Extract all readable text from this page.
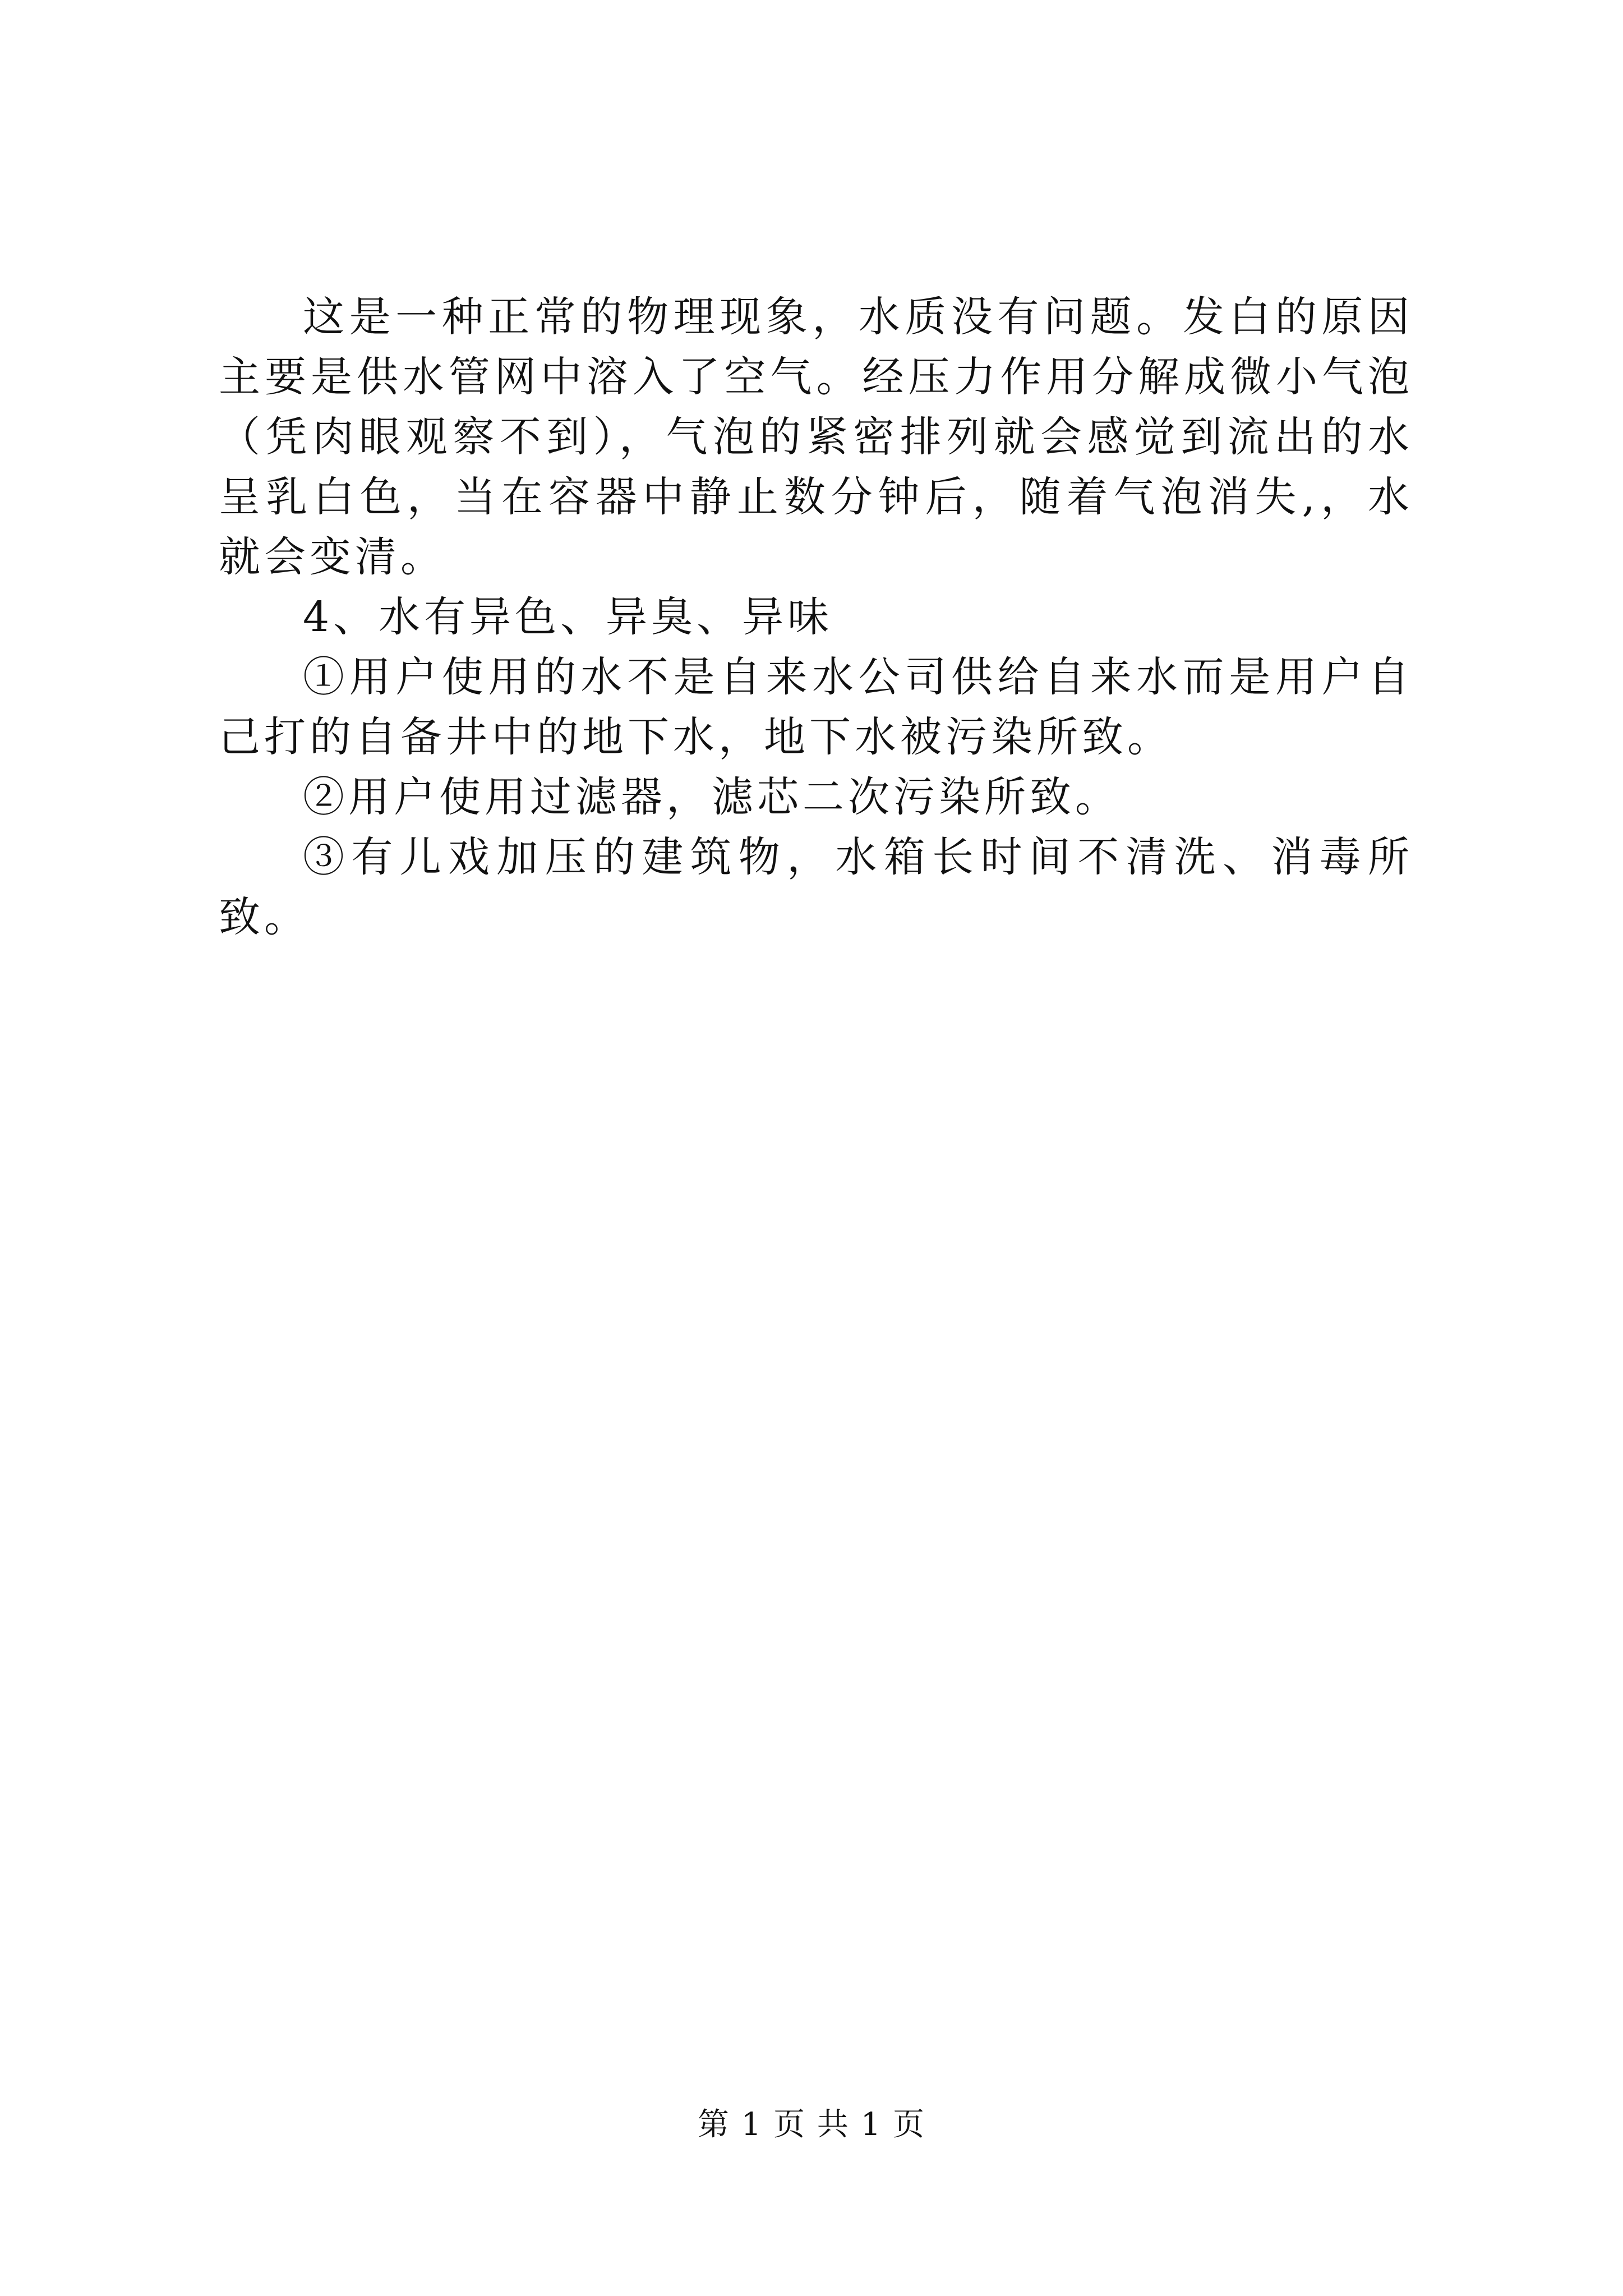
这是一种正常的物理现象，水质没有问题。发白的原因主要是供水管网中溶入了空气。经压力作用分解成微小气泡（凭肉眼观察不到），气泡的紧密排列就会感觉到流出的水呈乳白色，当在容器中静止数分钟后，随着气泡消失,，水就会变清。

4、水有异色、异臭、异味

①用户使用的水不是自来水公司供给自来水而是用户自己打的自备井中的地下水，地下水被污染所致。

②用户使用过滤器，滤芯二次污染所致。

③有儿戏加压的建筑物，水箱长时间不清洗、消毒所致。

第 1 页 共 1 页
